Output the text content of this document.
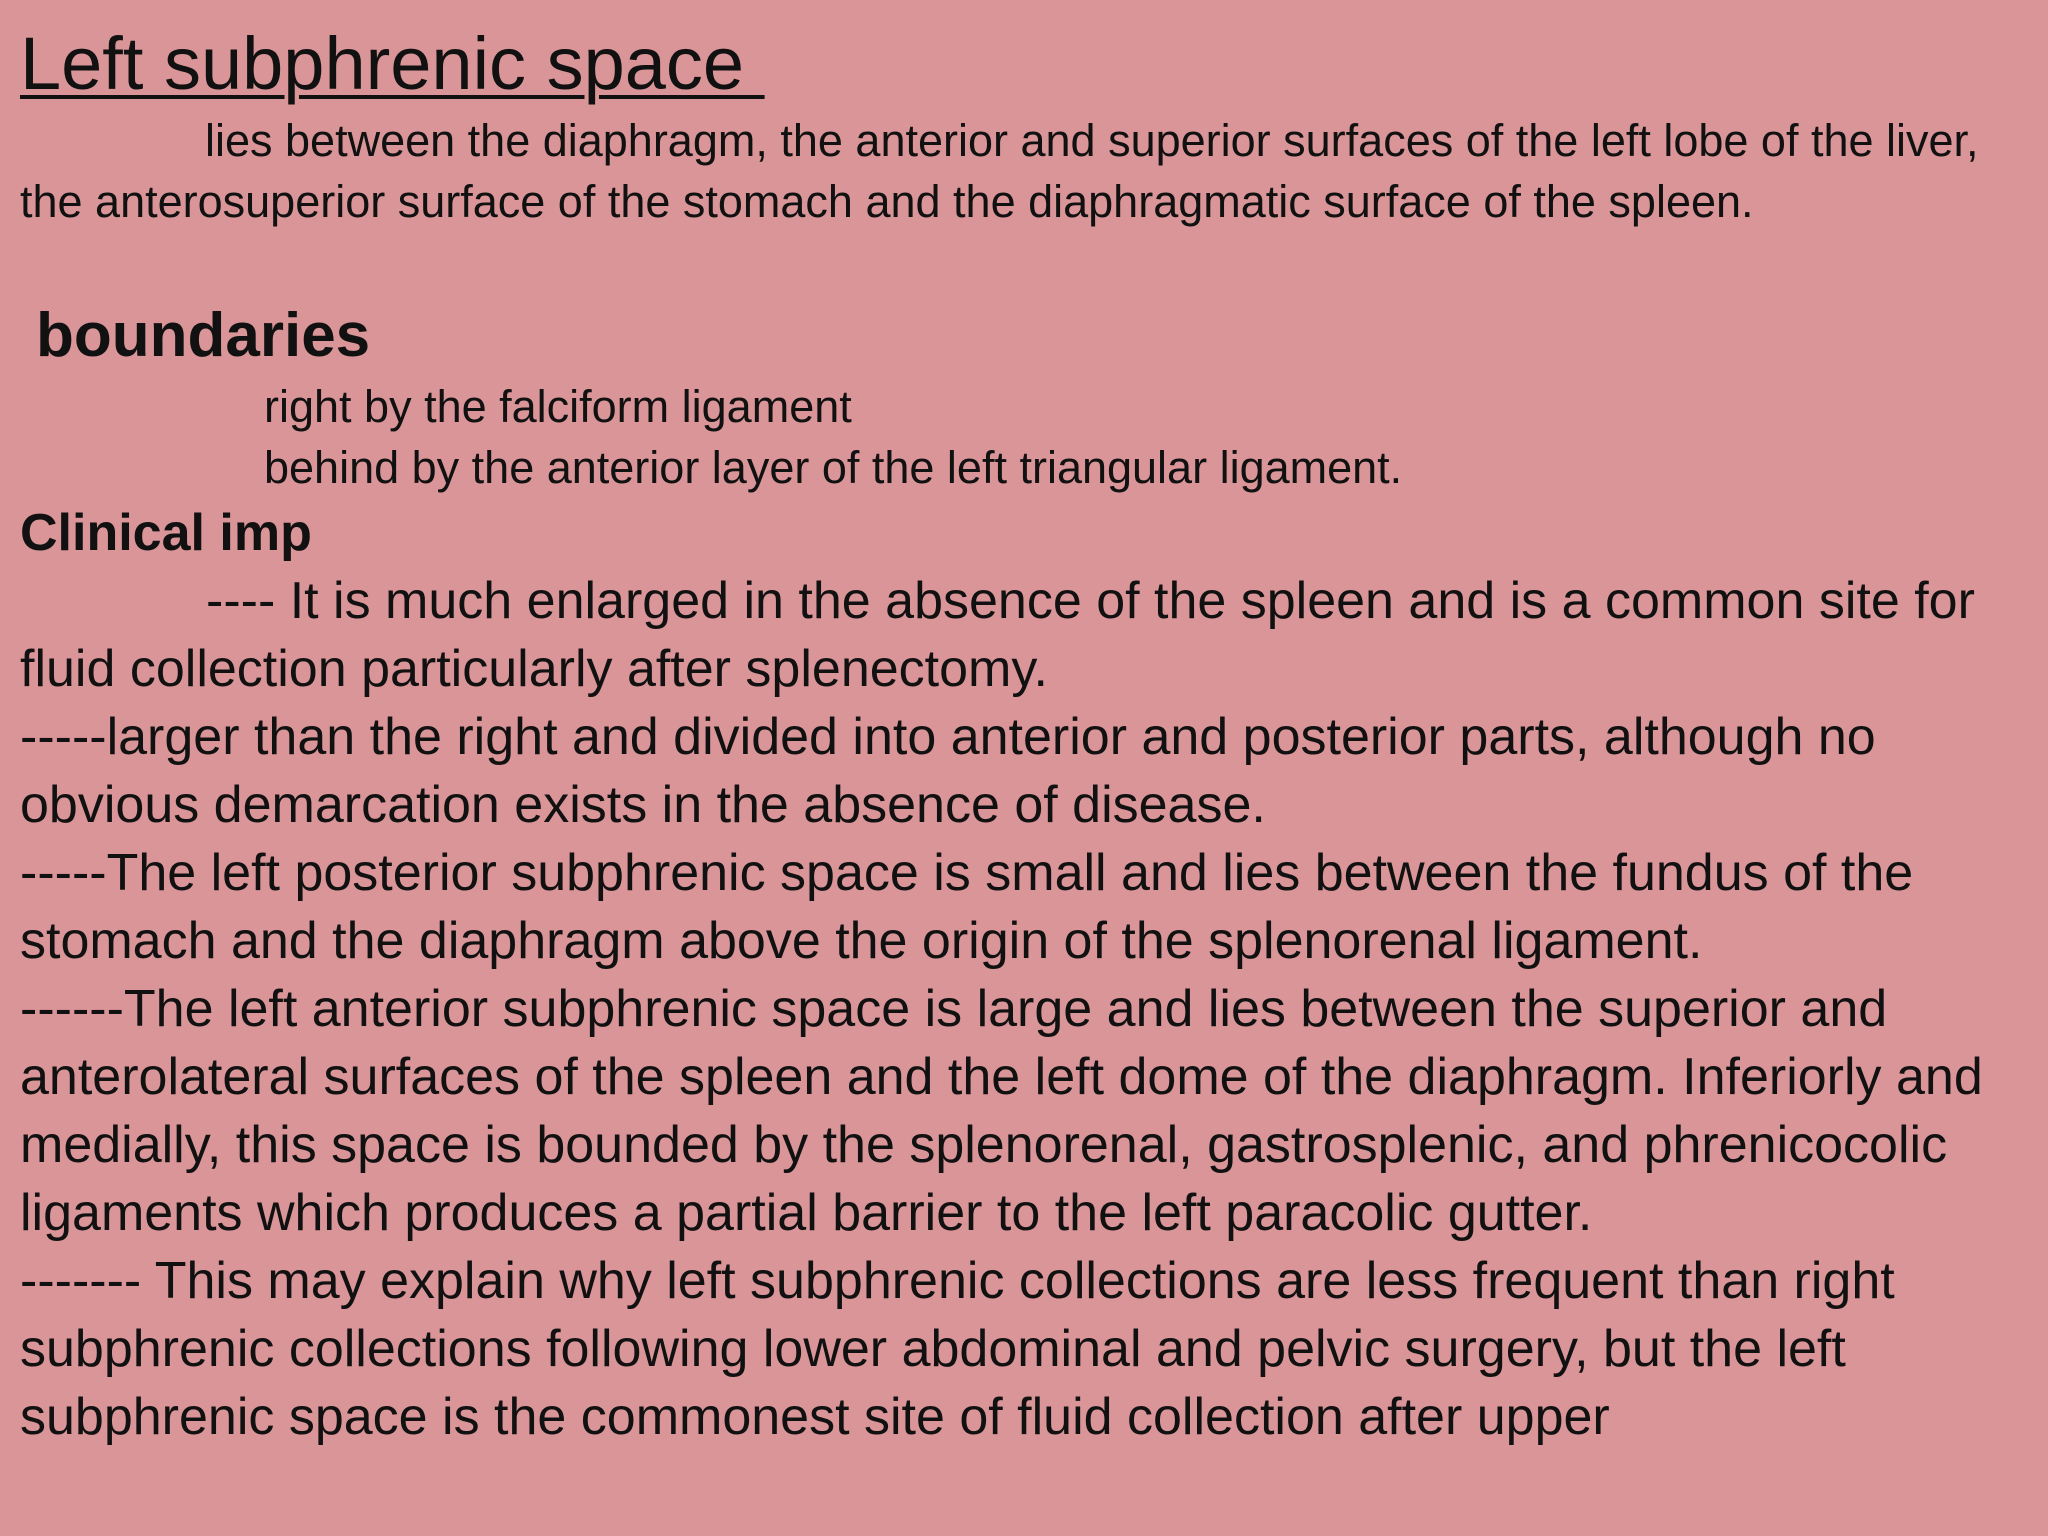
Left subphrenic space

lies between the diaphragm, the anterior and superior surfaces of the left lobe of the liver, the anterosuperior surface of the stomach and the diaphragmatic surface of the spleen.

boundaries

right by the falciform ligament

behind by the anterior layer of the left triangular ligament.

Clinical imp

---- It is much enlarged in the absence of the spleen and is a common site for fluid collection particularly after splenectomy.

-----larger than the right and divided into anterior and posterior parts, although no obvious demarcation exists in the absence of disease.

-----The left posterior subphrenic space is small and lies between the fundus of the stomach and the diaphragm above the origin of the splenorenal ligament.

------The left anterior subphrenic space is large and lies between the superior and anterolateral surfaces of the spleen and the left dome of the diaphragm. Inferiorly and medially, this space is bounded by the splenorenal, gastrosplenic, and phrenicocolic ligaments which produces a partial barrier to the left paracolic gutter.

------- This may explain why left subphrenic collections are less frequent than right subphrenic collections following lower abdominal and pelvic surgery, but the left subphrenic space is the commonest site of fluid collection after upper
